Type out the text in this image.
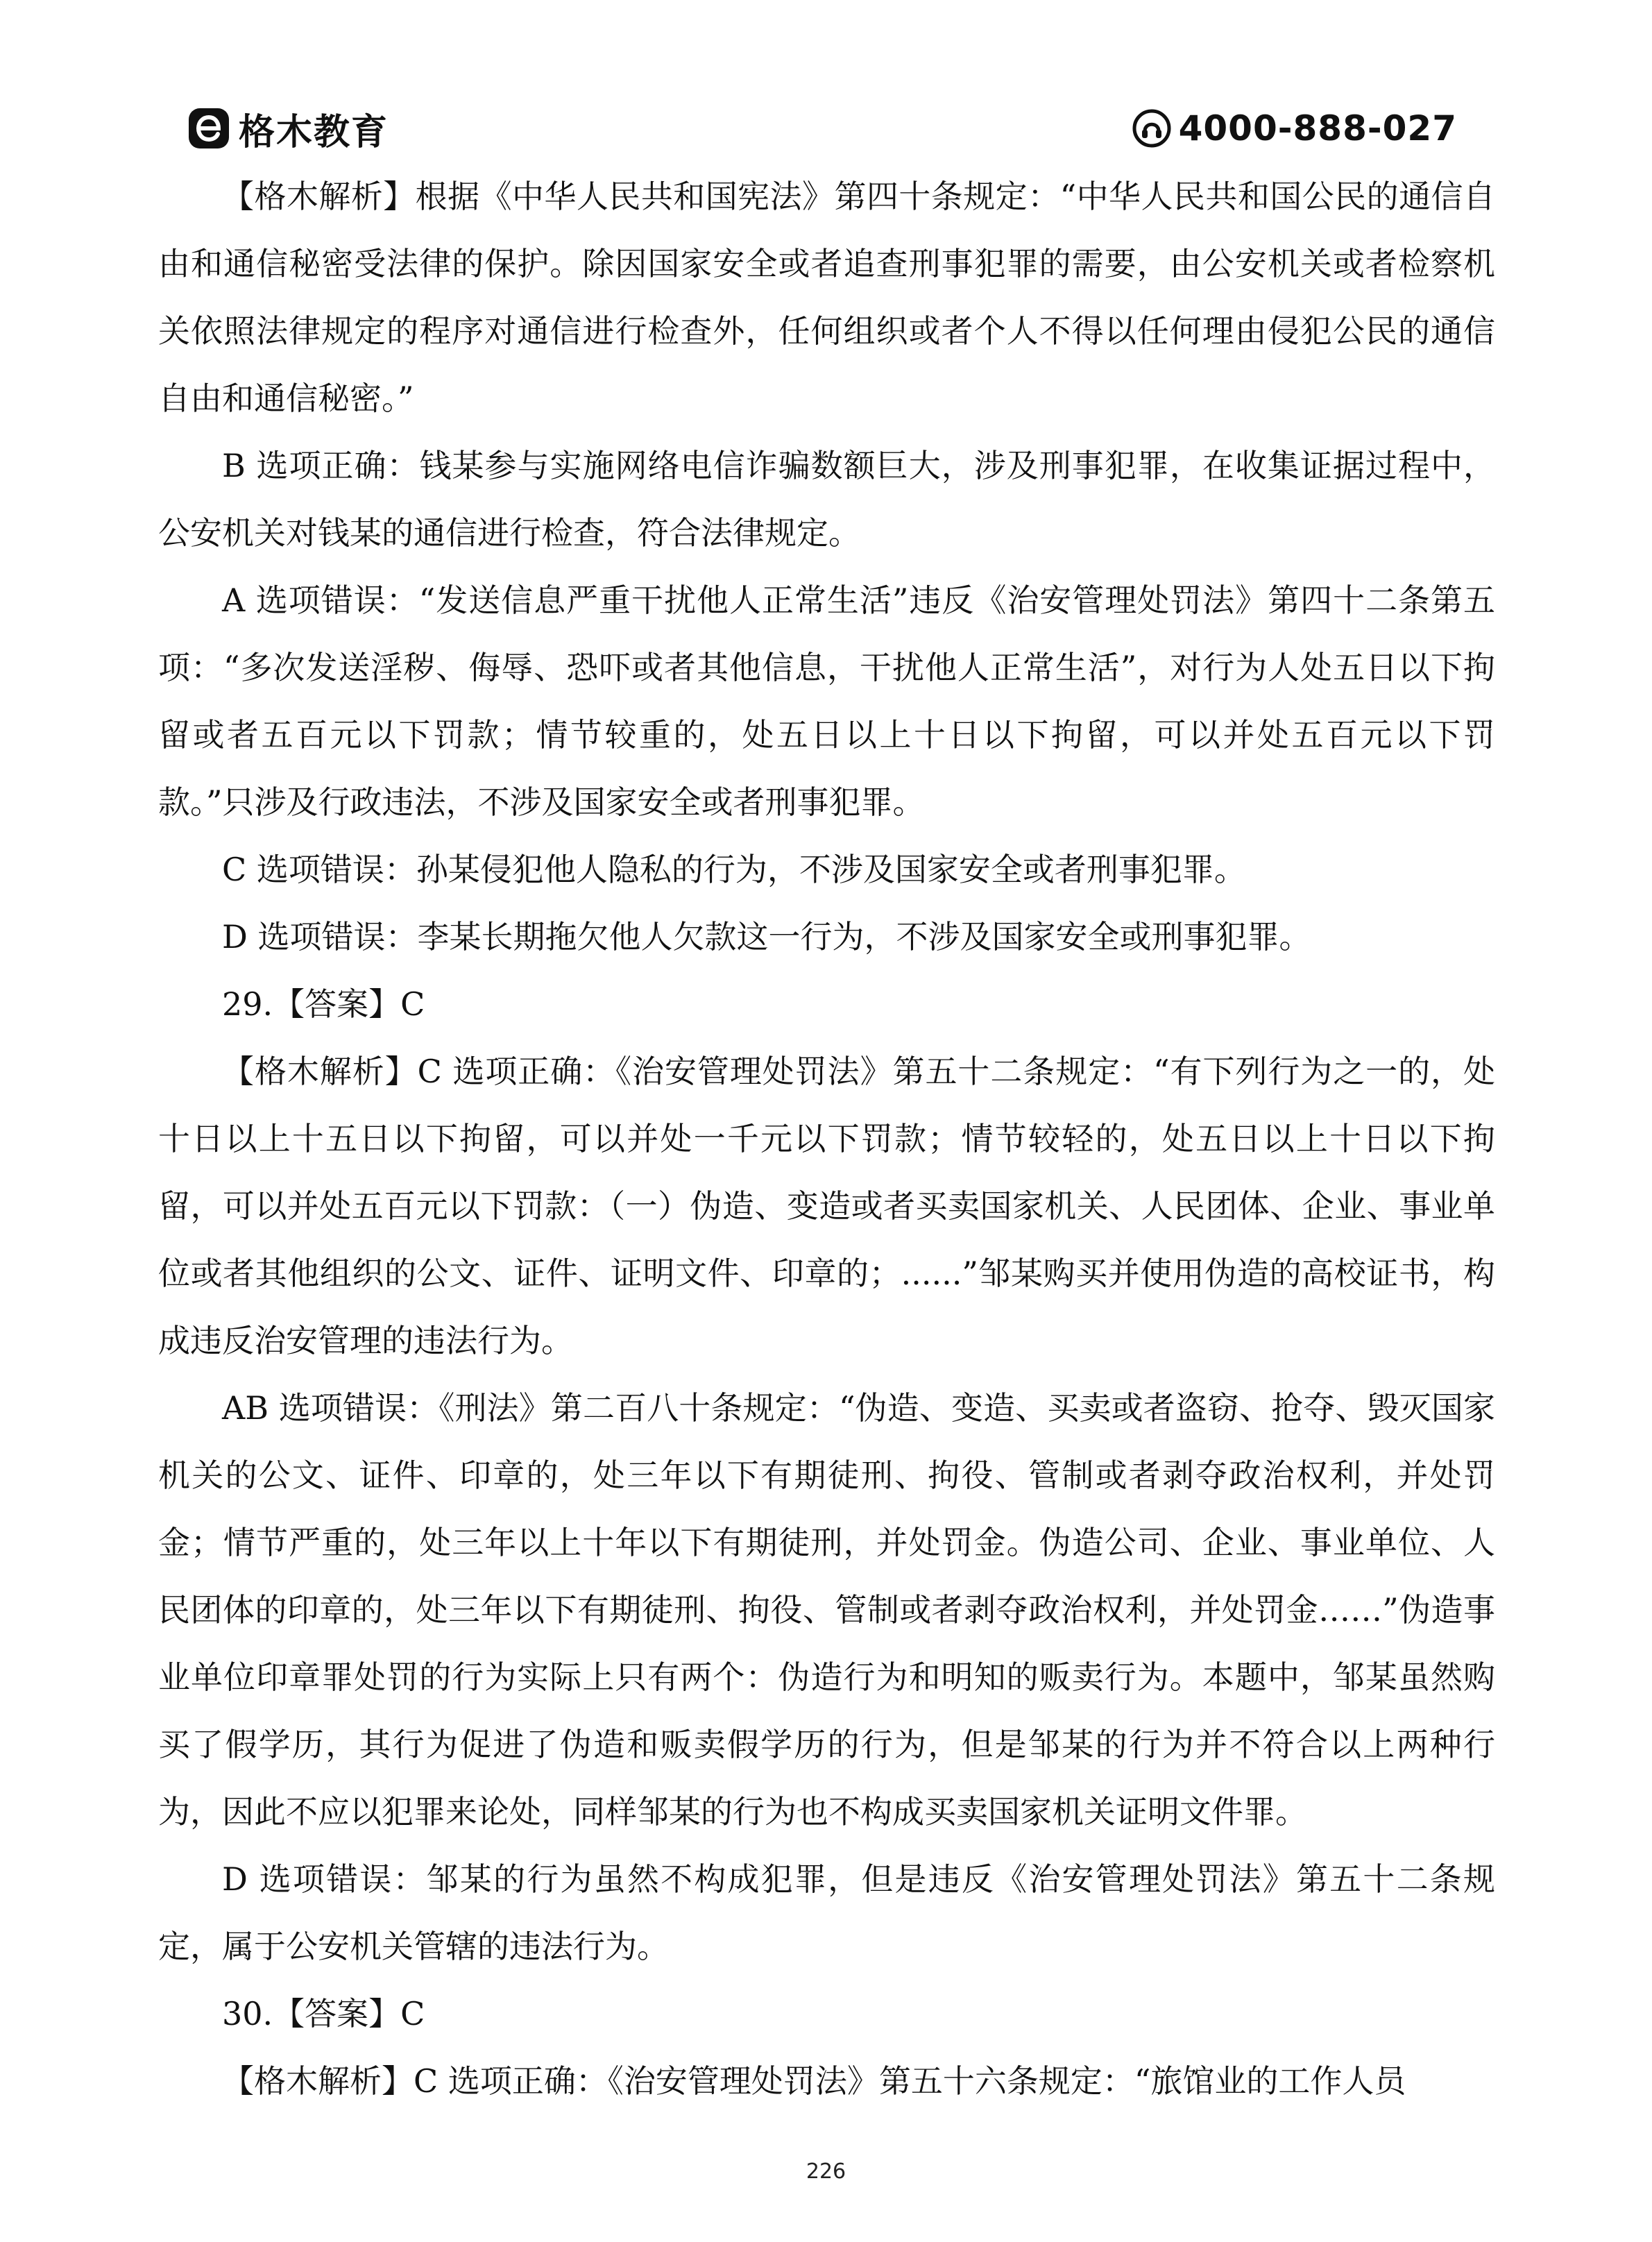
格木教育	4000-888-027

【格木解析】根据《中华人民共和国宪法》第四十条规定：“中华人民共和国公民的通信自由和通信秘密受法律的保护。除因国家安全或者追查刑事犯罪的需要，由公安机关或者检察机关依照法律规定的程序对通信进行检查外，任何组织或者个人不得以任何理由侵犯公民的通信自由和通信秘密。”

B 选项正确：钱某参与实施网络电信诈骗数额巨大，涉及刑事犯罪，在收集证据过程中，公安机关对钱某的通信进行检查，符合法律规定。

A 选项错误：“发送信息严重干扰他人正常生活”违反《治安管理处罚法》第四十二条第五项：“多次发送淫秽、侮辱、恐吓或者其他信息，干扰他人正常生活”，对行为人处五日以下拘留或者五百元以下罚款；情节较重的，处五日以上十日以下拘留，可以并处五百元以下罚款。”只涉及行政违法，不涉及国家安全或者刑事犯罪。

C 选项错误：孙某侵犯他人隐私的行为，不涉及国家安全或者刑事犯罪。

D 选项错误：李某长期拖欠他人欠款这一行为，不涉及国家安全或刑事犯罪。

29.【答案】C

【格木解析】C 选项正确：《治安管理处罚法》第五十二条规定：“有下列行为之一的，处十日以上十五日以下拘留，可以并处一千元以下罚款；情节较轻的，处五日以上十日以下拘留，可以并处五百元以下罚款：（一）伪造、变造或者买卖国家机关、人民团体、企业、事业单位或者其他组织的公文、证件、证明文件、印章的；......”邹某购买并使用伪造的高校证书，构成违反治安管理的违法行为。

AB 选项错误：《刑法》第二百八十条规定：“伪造、变造、买卖或者盗窃、抢夺、毁灭国家机关的公文、证件、印章的，处三年以下有期徒刑、拘役、管制或者剥夺政治权利，并处罚金；情节严重的，处三年以上十年以下有期徒刑，并处罚金。伪造公司、企业、事业单位、人民团体的印章的，处三年以下有期徒刑、拘役、管制或者剥夺政治权利，并处罚金……”伪造事业单位印章罪处罚的行为实际上只有两个：伪造行为和明知的贩卖行为。本题中，邹某虽然购买了假学历，其行为促进了伪造和贩卖假学历的行为，但是邹某的行为并不符合以上两种行为，因此不应以犯罪来论处，同样邹某的行为也不构成买卖国家机关证明文件罪。

D 选项错误：邹某的行为虽然不构成犯罪，但是违反《治安管理处罚法》第五十二条规定，属于公安机关管辖的违法行为。

30.【答案】C

【格木解析】C 选项正确：《治安管理处罚法》第五十六条规定：“旅馆业的工作人员

226
